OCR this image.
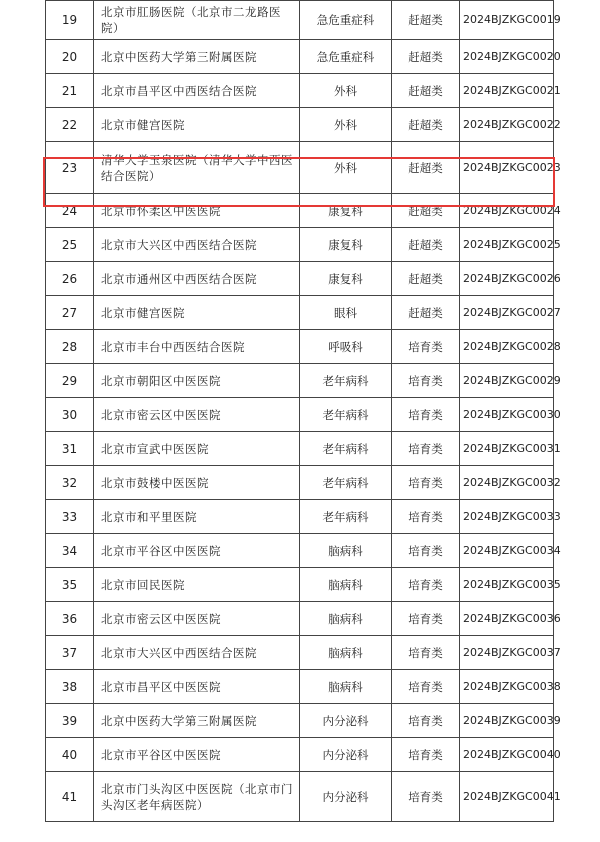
19	北京市肛肠医院（北京市二龙路医院）	急危重症科	赶超类	2024BJZKGC0019
20	北京中医药大学第三附属医院	急危重症科	赶超类	2024BJZKGC0020
21	北京市昌平区中西医结合医院	外科	赶超类	2024BJZKGC0021
22	北京市健宫医院	外科	赶超类	2024BJZKGC0022
23	清华大学玉泉医院（清华大学中西医结合医院）	外科	赶超类	2024BJZKGC0023
24	北京市怀柔区中医医院	康复科	赶超类	2024BJZKGC0024
25	北京市大兴区中西医结合医院	康复科	赶超类	2024BJZKGC0025
26	北京市通州区中西医结合医院	康复科	赶超类	2024BJZKGC0026
27	北京市健宫医院	眼科	赶超类	2024BJZKGC0027
28	北京市丰台中西医结合医院	呼吸科	培育类	2024BJZKGC0028
29	北京市朝阳区中医医院	老年病科	培育类	2024BJZKGC0029
30	北京市密云区中医医院	老年病科	培育类	2024BJZKGC0030
31	北京市宣武中医医院	老年病科	培育类	2024BJZKGC0031
32	北京市鼓楼中医医院	老年病科	培育类	2024BJZKGC0032
33	北京市和平里医院	老年病科	培育类	2024BJZKGC0033
34	北京市平谷区中医医院	脑病科	培育类	2024BJZKGC0034
35	北京市回民医院	脑病科	培育类	2024BJZKGC0035
36	北京市密云区中医医院	脑病科	培育类	2024BJZKGC0036
37	北京市大兴区中西医结合医院	脑病科	培育类	2024BJZKGC0037
38	北京市昌平区中医医院	脑病科	培育类	2024BJZKGC0038
39	北京中医药大学第三附属医院	内分泌科	培育类	2024BJZKGC0039
40	北京市平谷区中医医院	内分泌科	培育类	2024BJZKGC0040
41	北京市门头沟区中医医院（北京市门头沟区老年病医院）	内分泌科	培育类	2024BJZKGC0041
